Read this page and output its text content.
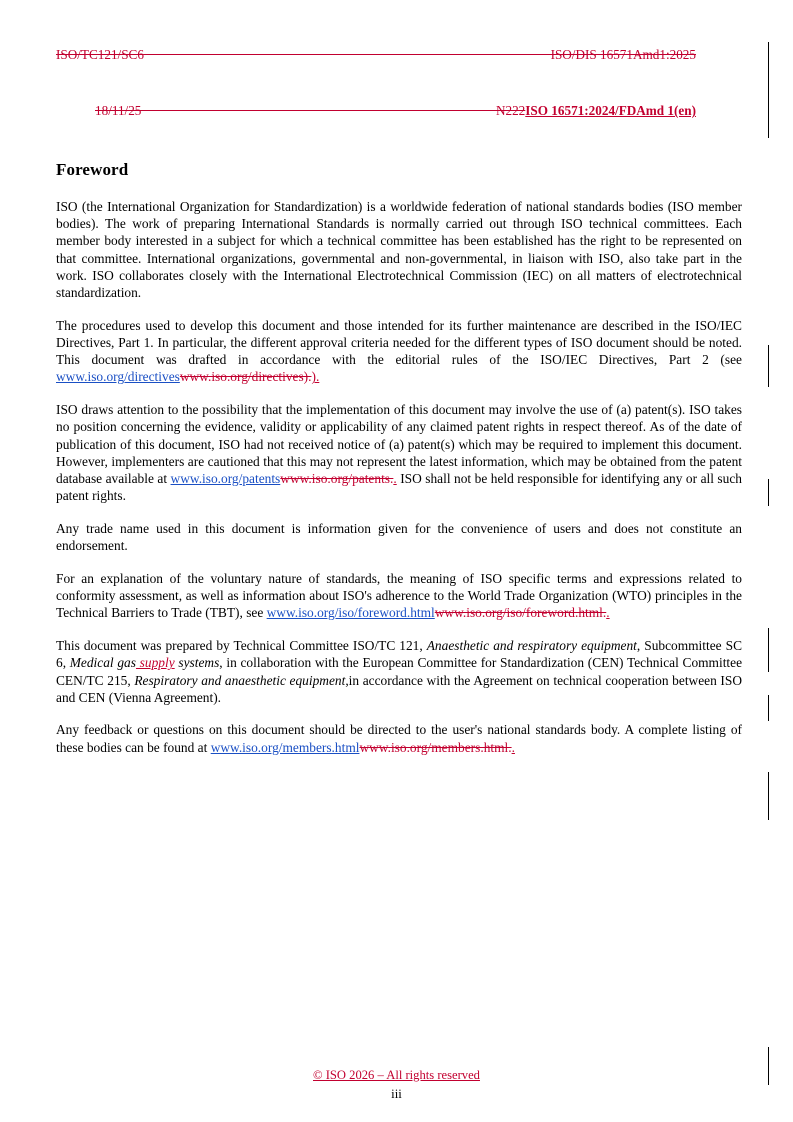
ISO/TC121/SC6	ISO/DIS 16571Amd1:2025
18/11/25	N222ISO 16571:2024/FDAmd 1(en)
Foreword

ISO (the International Organization for Standardization) is a worldwide federation of national standards bodies (ISO member bodies). The work of preparing International Standards is normally carried out through ISO technical committees. Each member body interested in a subject for which a technical committee has been established has the right to be represented on that committee. International organizations, governmental and non-governmental, in liaison with ISO, also take part in the work. ISO collaborates closely with the International Electrotechnical Commission (IEC) on all matters of electrotechnical standardization.

The procedures used to develop this document and those intended for its further maintenance are described in the ISO/IEC Directives, Part 1. In particular, the different approval criteria needed for the different types of ISO document should be noted. This document was drafted in accordance with the editorial rules of the ISO/IEC Directives, Part 2 (see www.iso.org/directiveswww.iso.org/directives).).

ISO draws attention to the possibility that the implementation of this document may involve the use of (a) patent(s). ISO takes no position concerning the evidence, validity or applicability of any claimed patent rights in respect thereof. As of the date of publication of this document, ISO had not received notice of (a) patent(s) which may be required to implement this document. However, implementers are cautioned that this may not represent the latest information, which may be obtained from the patent database available at www.iso.org/patentswww.iso.org/patents.. ISO shall not be held responsible for identifying any or all such patent rights.

Any trade name used in this document is information given for the convenience of users and does not constitute an endorsement.

For an explanation of the voluntary nature of standards, the meaning of ISO specific terms and expressions related to conformity assessment, as well as information about ISO's adherence to the World Trade Organization (WTO) principles in the Technical Barriers to Trade (TBT), see www.iso.org/iso/foreword.htmlwww.iso.org/iso/foreword.html..

This document was prepared by Technical Committee ISO/TC 121, Anaesthetic and respiratory equipment, Subcommittee SC 6, Medical gas supply systems, in collaboration with the European Committee for Standardization (CEN) Technical Committee CEN/TC 215, Respiratory and anaesthetic equipment,in accordance with the Agreement on technical cooperation between ISO and CEN (Vienna Agreement).

Any feedback or questions on this document should be directed to the user's national standards body. A complete listing of these bodies can be found at www.iso.org/members.htmlwww.iso.org/members.html..

© ISO 2026 – All rights reserved
iii
